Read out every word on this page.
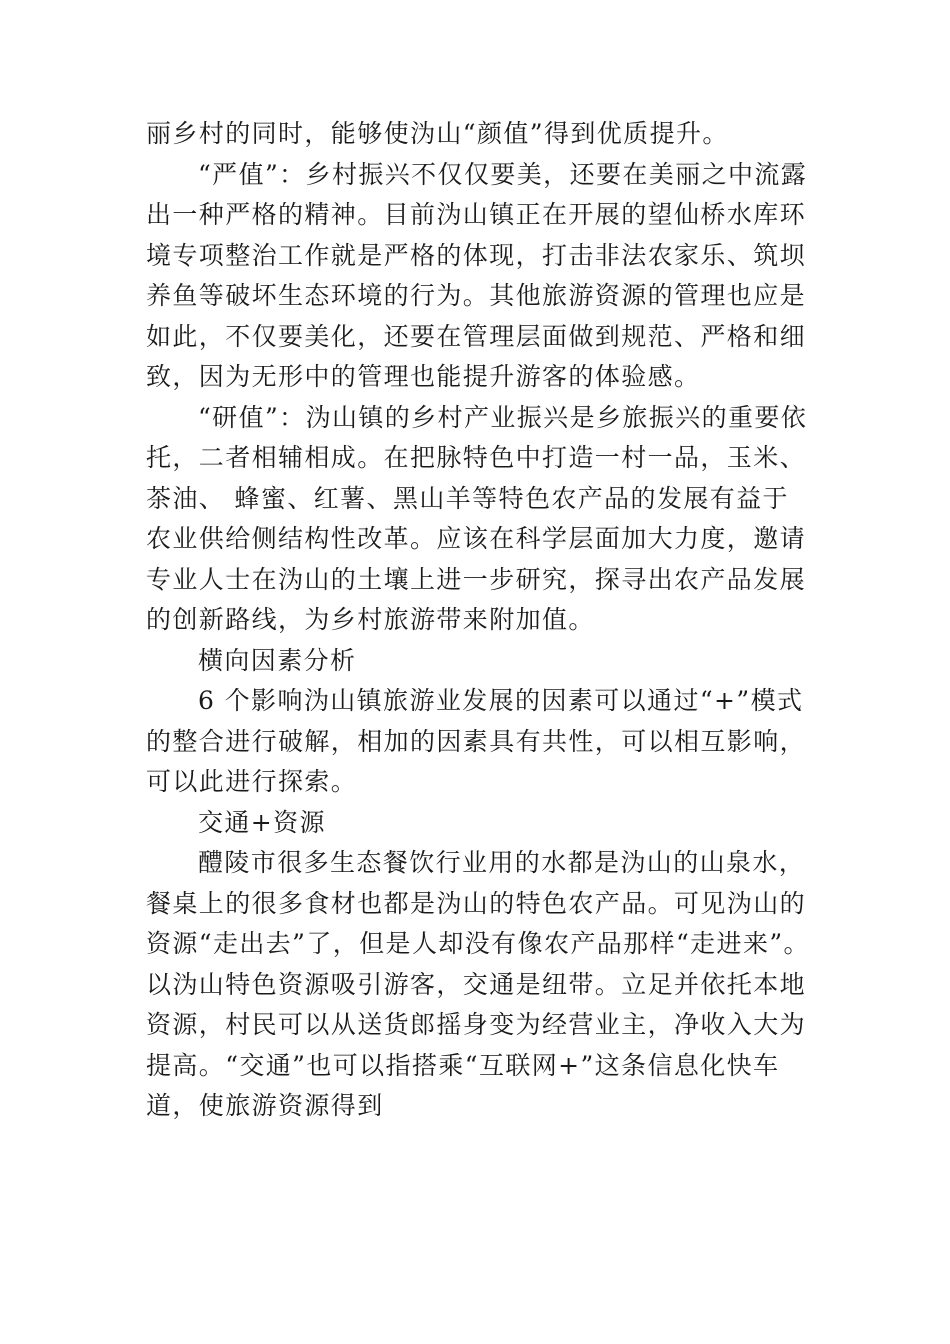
丽乡村的同时，能够使沩山“颜值”得到优质提升。

“严值”：乡村振兴不仅仅要美，还要在美丽之中流露出一种严格的精神。目前沩山镇正在开展的望仙桥水库环境专项整治工作就是严格的体现，打击非法农家乐、筑坝养鱼等破坏生态环境的行为。其他旅游资源的管理也应是如此，不仅要美化，还要在管理层面做到规范、严格和细致，因为无形中的管理也能提升游客的体验感。

“研值”：沩山镇的乡村产业振兴是乡旅振兴的重要依托，二者相辅相成。在把脉特色中打造一村一品，玉米、茶油、 蜂蜜、红薯、黑山羊等特色农产品的发展有益于农业供给侧结构性改革。应该在科学层面加大力度，邀请专业人士在沩山的土壤上进一步研究，探寻出农产品发展的创新路线，为乡村旅游带来附加值。

横向因素分析

6 个影响沩山镇旅游业发展的因素可以通过“+”模式的整合进行破解，相加的因素具有共性，可以相互影响，可以此进行探索。

交通+资源

醴陵市很多生态餐饮行业用的水都是沩山的山泉水，餐桌上的很多食材也都是沩山的特色农产品。可见沩山的资源“走出去”了，但是人却没有像农产品那样“走进来”。以沩山特色资源吸引游客，交通是纽带。立足并依托本地资源，村民可以从送货郎摇身变为经营业主，净收入大为提高。“交通”也可以指搭乘“互联网+”这条信息化快车道，使旅游资源得到
